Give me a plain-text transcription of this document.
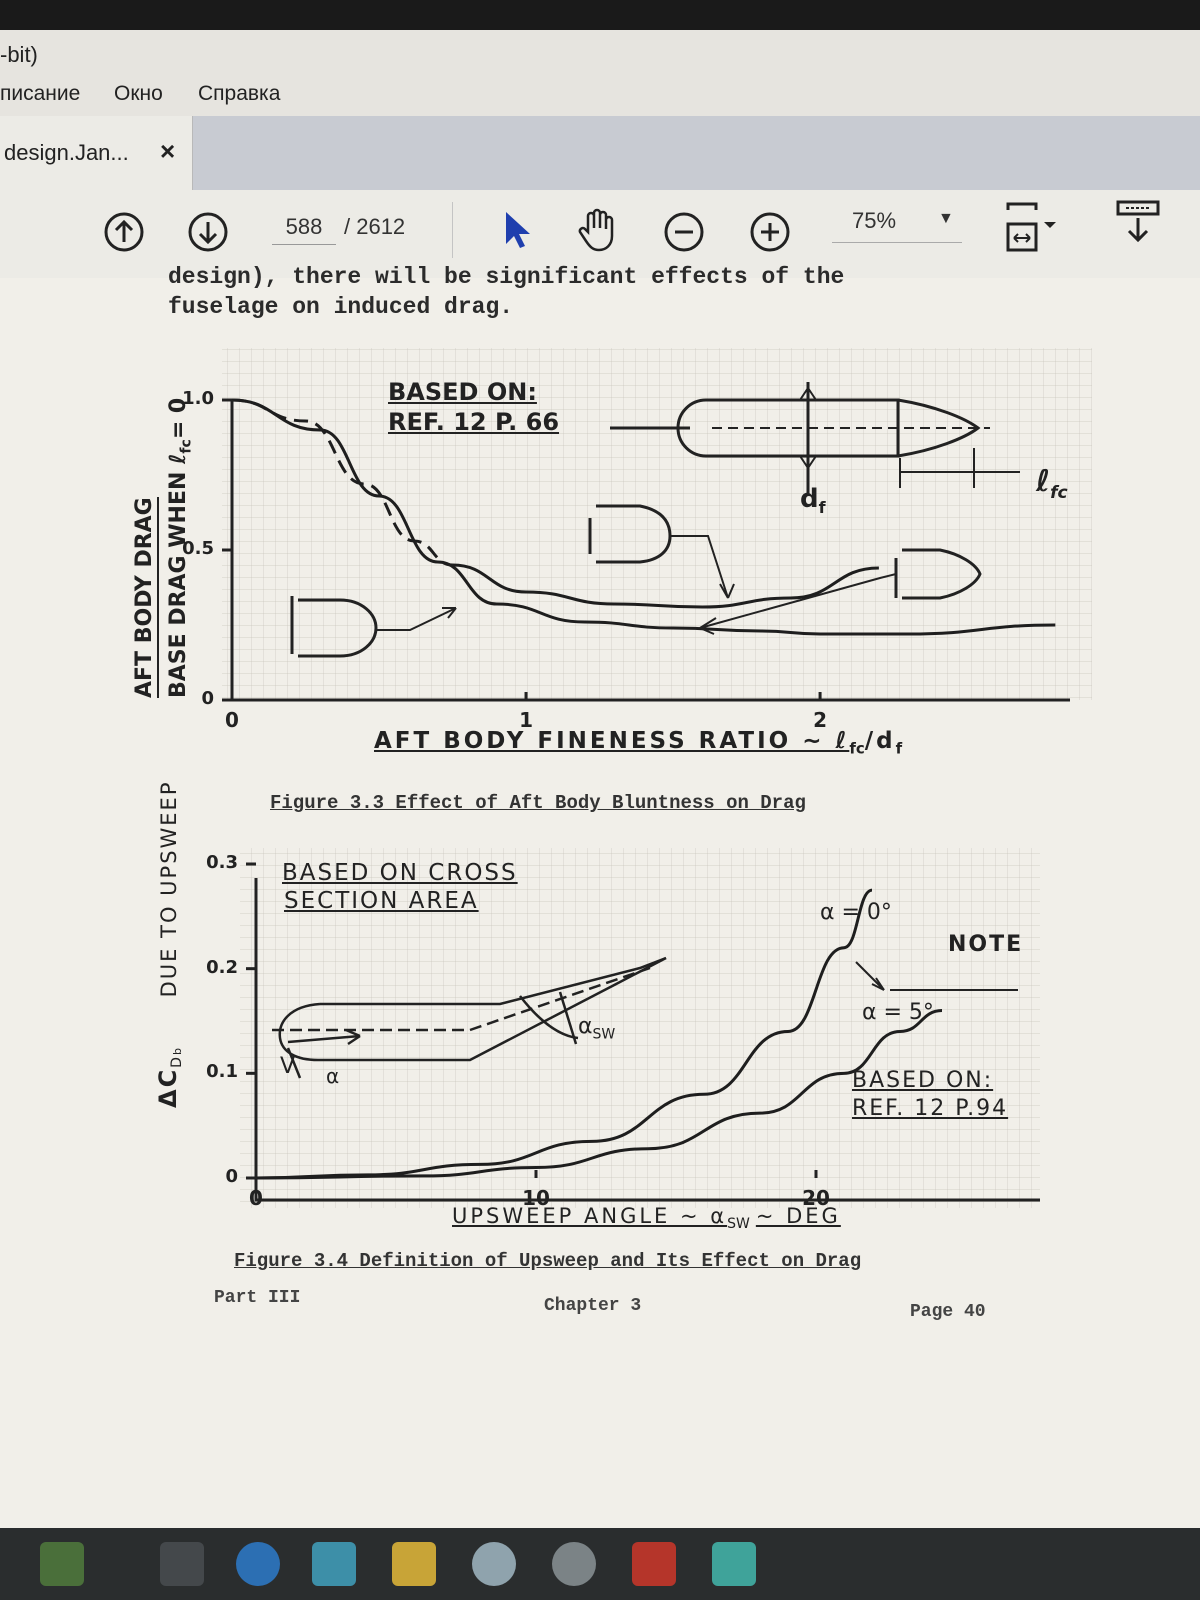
-bit)
писание Окно Справка
design.Jan... ×
588
/ 2612	75%	▼
design), there will be significant effects of the
fuselage on induced drag.
BASED ON:
REF. 12 P. 66
$d_f$
ℓ$_{fc}$
0
0.5
1.0
0	1	2
AFT BODY DRAG BASE DRAG WHEN ℓ$_{fc}$= 0
AFT BODY FINENESS RATIO ~ $\ell_{fc}/d_f$
Figure 3.3 Effect of Aft Body Bluntness on Drag
BASED ON CROSS
SECTION AREA	α = 0°
NOTE
α = 5°
BASED ON:
REF. 12 P.94
V α
$\alpha_{SW}$
0
0.1
0.2
0.3
0	10	20
$\Delta C_{Db}$ DUE TO UPSWEEP
UPSWEEP ANGLE ~ $\alpha_{SW}$ ~ DEG
Figure 3.4 Definition of Upsweep and Its Effect on Drag
Part III	Chapter 3	Page 40
